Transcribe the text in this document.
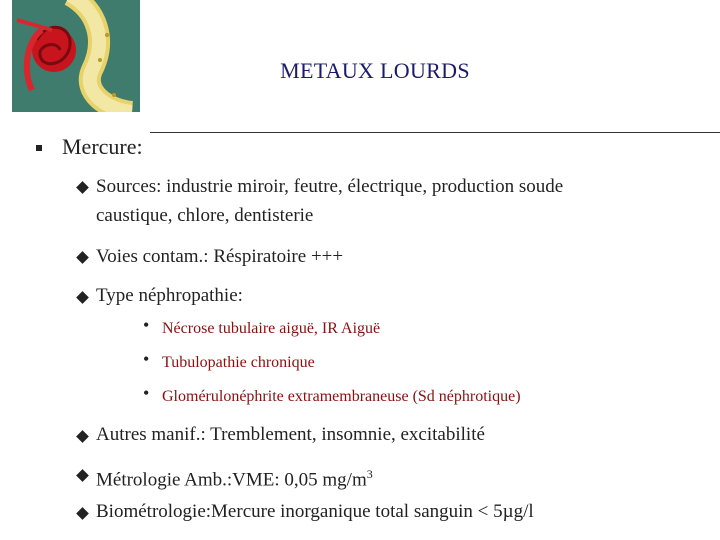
METAUX LOURDS
Mercure:
Sources: industrie miroir, feutre, électrique, production soude
caustique, chlore, dentisterie
Voies contam.: Réspiratoire +++
Type néphropathie:
• Nécrose tubulaire aiguë, IR Aiguë
• Tubulopathie chronique
• Glomérulonéphrite extramembraneuse (Sd néphrotique)
Autres manif.: Tremblement, insomnie, excitabilité
Métrologie Amb.:VME: 0,05 $mg/m^3$
Biométrologie:Mercure inorganique total sanguin < 5µg/l
